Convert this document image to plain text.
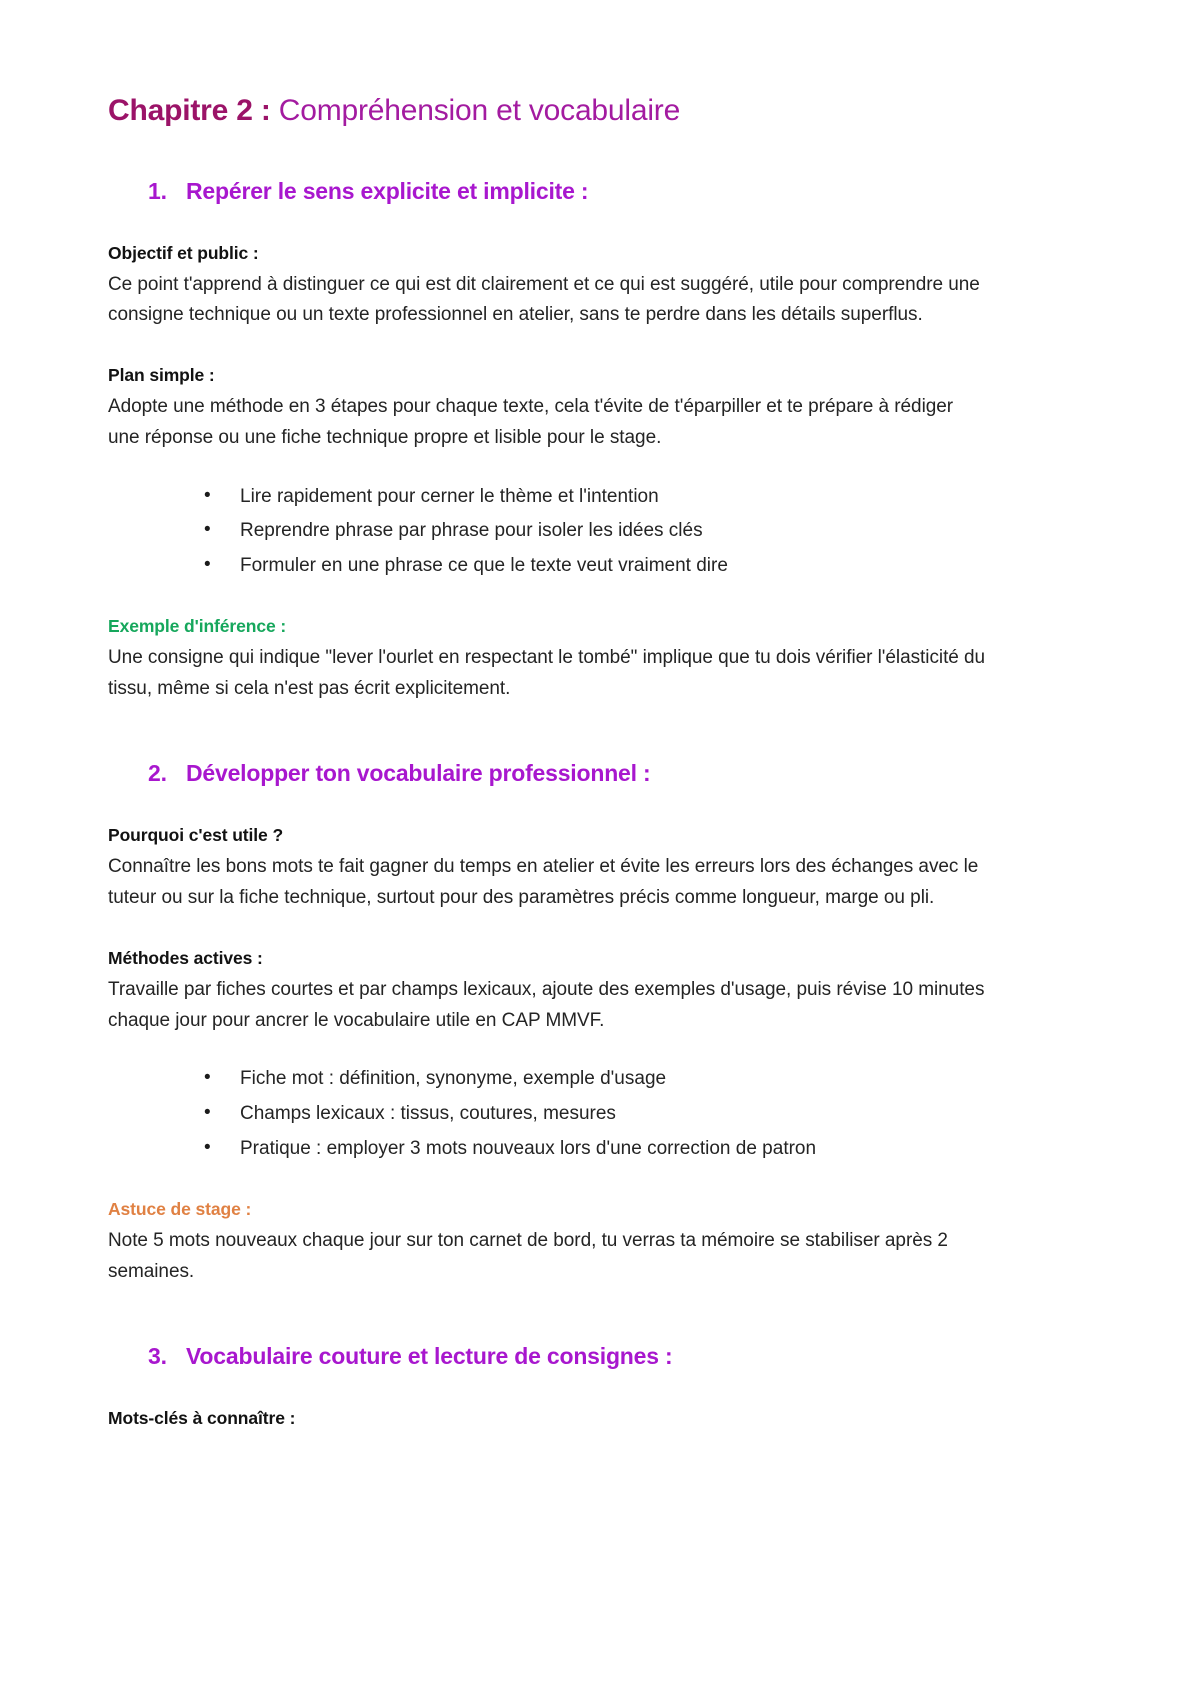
Chapitre 2 : Compréhension et vocabulaire
1. Repérer le sens explicite et implicite :
Objectif et public :

Ce point t'apprend à distinguer ce qui est dit clairement et ce qui est suggéré, utile pour comprendre une consigne technique ou un texte professionnel en atelier, sans te perdre dans les détails superflus.

Plan simple :

Adopte une méthode en 3 étapes pour chaque texte, cela t'évite de t'éparpiller et te prépare à rédiger une réponse ou une fiche technique propre et lisible pour le stage.

• Lire rapidement pour cerner le thème et l'intention
• Reprendre phrase par phrase pour isoler les idées clés
• Formuler en une phrase ce que le texte veut vraiment dire
Exemple d'inférence :

Une consigne qui indique "lever l'ourlet en respectant le tombé" implique que tu dois vérifier l'élasticité du tissu, même si cela n'est pas écrit explicitement.

2. Développer ton vocabulaire professionnel :
Pourquoi c'est utile ?

Connaître les bons mots te fait gagner du temps en atelier et évite les erreurs lors des échanges avec le tuteur ou sur la fiche technique, surtout pour des paramètres précis comme longueur, marge ou pli.

Méthodes actives :

Travaille par fiches courtes et par champs lexicaux, ajoute des exemples d'usage, puis révise 10 minutes chaque jour pour ancrer le vocabulaire utile en CAP MMVF.

• Fiche mot : définition, synonyme, exemple d'usage
• Champs lexicaux : tissus, coutures, mesures
• Pratique : employer 3 mots nouveaux lors d'une correction de patron
Astuce de stage :

Note 5 mots nouveaux chaque jour sur ton carnet de bord, tu verras ta mémoire se stabiliser après 2 semaines.

3. Vocabulaire couture et lecture de consignes :
Mots-clés à connaître :
